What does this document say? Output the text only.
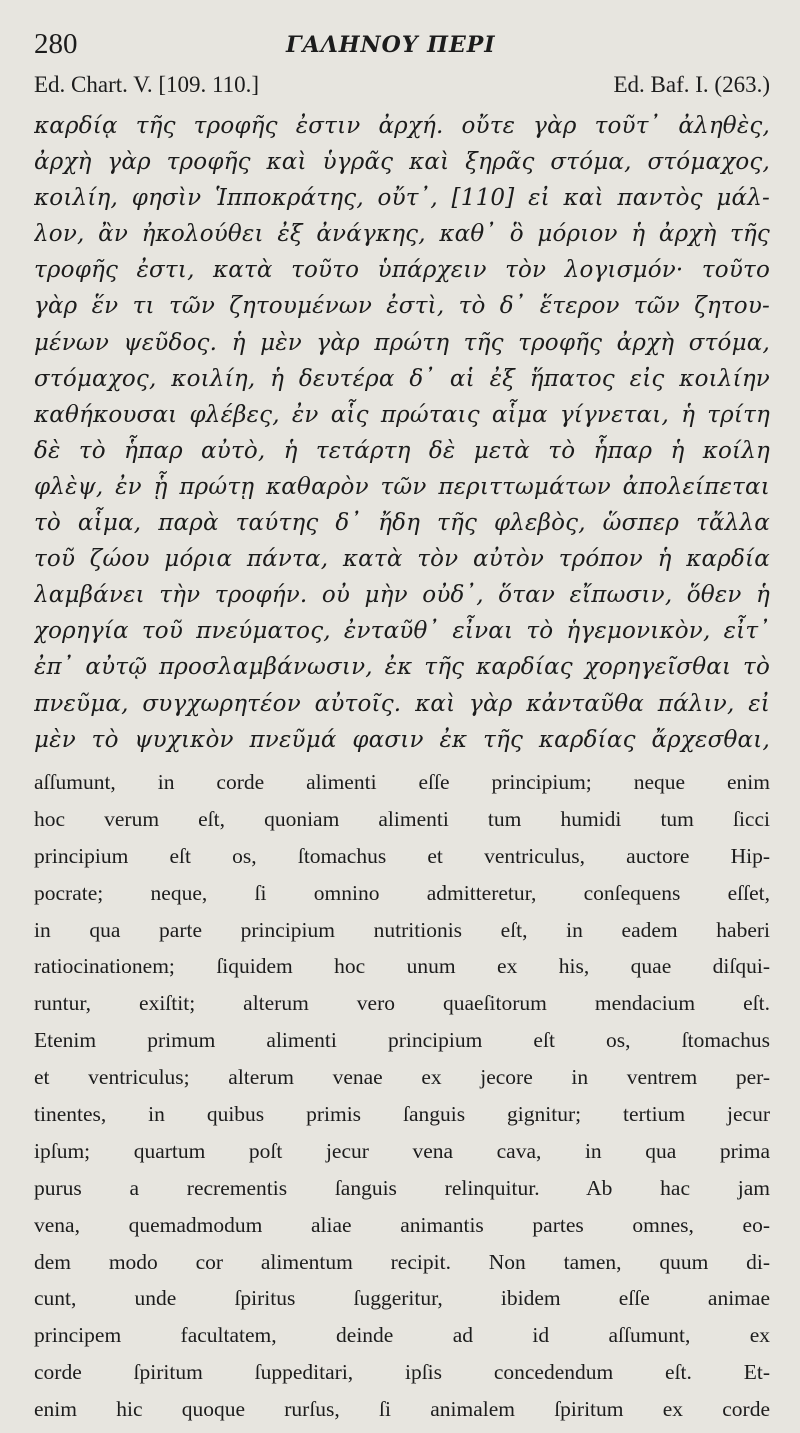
280	ΓΑΛΗΝΟΥ ΠΕΡΙ
Ed. Chart. V. [109. 110.]	Ed. Baf. I. (263.)
καρδίᾳ τῆς τροφῆς ἐστιν ἀρχή. οὔτε γὰρ τοῦτ᾽ ἀληθὲς,
ἀρχὴ γὰρ τροφῆς καὶ ὑγρᾶς καὶ ξηρᾶς στόμα, στόμαχος,
κοιλίη, φησὶν Ἱπποκράτης, οὔτ᾽, [110] εἰ καὶ παντὸς μάλ-
λον, ἂν ἠκολούθει ἐξ ἀνάγκης, καθ᾽ ὃ μόριον ἡ ἀρχὴ τῆς
τροφῆς ἐστι, κατὰ τοῦτο ὑπάρχειν τὸν λογισμόν· τοῦτο
γὰρ ἕν τι τῶν ζητουμένων ἐστὶ, τὸ δ᾽ ἕτερον τῶν ζητου-
μένων ψεῦδος. ἡ μὲν γὰρ πρώτη τῆς τροφῆς ἀρχὴ στόμα,
στόμαχος, κοιλίη, ἡ δευτέρα δ᾽ αἱ ἐξ ἥπατος εἰς κοιλίην
καθήκουσαι φλέβες, ἐν αἷς πρώταις αἷμα γίγνεται, ἡ τρίτη
δὲ τὸ ἧπαρ αὐτὸ, ἡ τετάρτη δὲ μετὰ τὸ ἧπαρ ἡ κοίλη
φλὲψ, ἐν ᾗ πρώτῃ καθαρὸν τῶν περιττωμάτων ἀπολείπεται
τὸ αἷμα, παρὰ ταύτης δ᾽ ἤδη τῆς φλεβὸς, ὥσπερ τἄλλα
τοῦ ζώου μόρια πάντα, κατὰ τὸν αὐτὸν τρόπον ἡ καρδία
λαμβάνει τὴν τροφήν. οὐ μὴν οὐδ᾽, ὅταν εἴπωσιν, ὅθεν ἡ
χορηγία τοῦ πνεύματος, ἐνταῦθ᾽ εἶναι τὸ ἡγεμονικὸν, εἶτ᾽
ἐπ᾽ αὐτῷ προσλαμβάνωσιν, ἐκ τῆς καρδίας χορηγεῖσθαι τὸ
πνεῦμα, συγχωρητέον αὐτοῖς. καὶ γὰρ κἀνταῦθα πάλιν, εἰ
μὲν τὸ ψυχικὸν πνεῦμά φασιν ἐκ τῆς καρδίας ἄρχεσθαι,
aſſumunt, in corde alimenti eſſe principium; neque enim
hoc verum eſt, quoniam alimenti tum humidi tum ſicci
principium eſt os, ſtomachus et ventriculus, auctore Hip-
pocrate; neque, ſi omnino admitteretur, conſequens eſſet,
in qua parte principium nutritionis eſt, in eadem haberi
ratiocinationem; ſiquidem hoc unum ex his, quae diſqui-
runtur, exiſtit; alterum vero quaeſitorum mendacium eſt.
Etenim primum alimenti principium eſt os, ſtomachus
et ventriculus; alterum venae ex jecore in ventrem per-
tinentes, in quibus primis ſanguis gignitur; tertium jecur
ipſum; quartum poſt jecur vena cava, in qua prima
purus a recrementis ſanguis relinquitur. Ab hac jam
vena, quemadmodum aliae animantis partes omnes, eo-
dem modo cor alimentum recipit. Non tamen, quum di-
cunt, unde ſpiritus ſuggeritur, ibidem eſſe animae
principem facultatem, deinde ad id aſſumunt, ex
corde ſpiritum ſuppeditari, ipſis concedendum eſt. Et-
enim hic quoque rurſus, ſi animalem ſpiritum ex corde
